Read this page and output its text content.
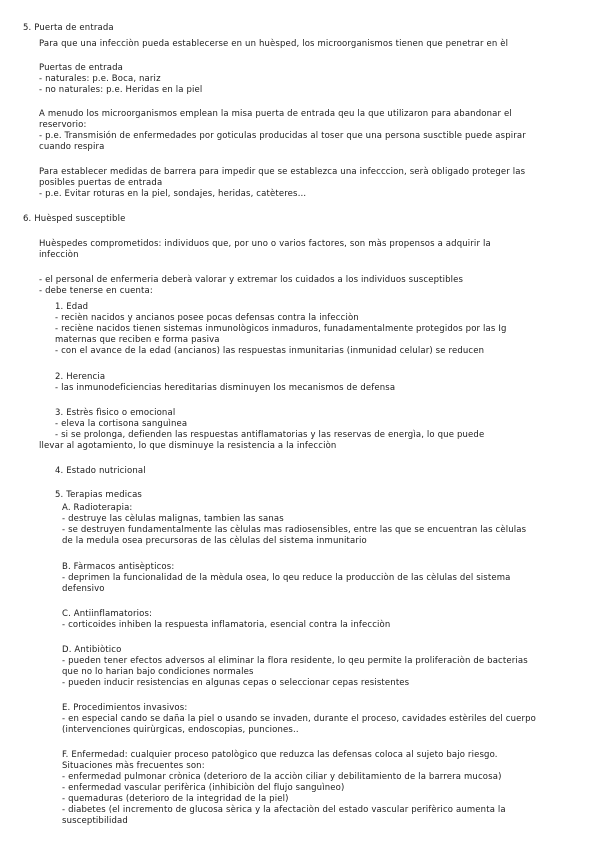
5. Puerta de entrada
Para que una infecciòn pueda establecerse en un huèsped, los microorganismos tienen que penetrar en èl
Puertas de entrada
- naturales: p.e. Boca, nariz
- no naturales: p.e. Heridas en la piel
A menudo los microorganismos emplean la misa puerta de entrada qeu la que utilizaron para abandonar el
reservorio:
- p.e. Transmisión de enfermedades por goticulas producidas al toser que una persona susctible puede aspirar
cuando respira
Para establecer medidas de barrera para impedir que se establezca una infecccion, serà obligado proteger las
posibles puertas de entrada
- p.e. Evitar roturas en la piel, sondajes, heridas, catèteres…
6. Huèsped susceptible
Huèspedes comprometidos: individuos que, por uno o varios factores, son màs propensos a adquirir la
infecciòn
- el personal de enfermeria deberà valorar y extremar los cuidados a los individuos susceptibles
- debe tenerse en cuenta:
1. Edad
- recièn nacidos y ancianos posee pocas defensas contra la infecciòn
- reciène nacidos tienen sistemas inmunològicos inmaduros, funadamentalmente protegidos por las Ig
maternas que reciben e forma pasiva
- con el avance de la edad (ancianos) las respuestas inmunitarias (inmunidad celular) se reducen
2. Herencia
- las inmunodeficiencias hereditarias disminuyen los mecanismos de defensa
3. Estrès fìsico o emocional
- eleva la cortisona sanguìnea
- si se prolonga, defienden las respuestas antiflamatorias y las reservas de energìa, lo que puede
llevar al agotamiento, lo que disminuye la resistencia a la infecciòn
4. Estado nutricional
5. Terapias medicas
A. Radioterapia:
- destruye las cèlulas malignas, tambien las sanas
- se destruyen fundamentalmente las cèlulas mas radiosensibles, entre las que se encuentran las cèlulas
de la medula osea precursoras de las cèlulas del sistema inmunitario
B. Fàrmacos antisèpticos:
- deprimen la funcionalidad de la mèdula osea, lo qeu reduce la producciòn de las cèlulas del sistema
defensivo
C. Antiinflamatorios:
- corticoides inhiben la respuesta inflamatoria, esencial contra la infecciòn
D. Antibiòtico
- pueden tener efectos adversos al eliminar la flora residente, lo qeu permite la proliferaciòn de bacterias
que no lo harian bajo condiciones normales
- pueden inducir resistencias en algunas cepas o seleccionar cepas resistentes
E. Procedimientos invasivos:
- en especial cando se daña la piel o usando se invaden, durante el proceso, cavidades estèriles del cuerpo
(intervenciones quirùrgicas, endoscopias, punciones..
F. Enfermedad: cualquier proceso patològico que reduzca las defensas coloca al sujeto bajo riesgo.
Situaciones màs frecuentes son:
- enfermedad pulmonar crònica (deterioro de la acciòn ciliar y debilitamiento de la barrera mucosa)
- enfermedad vascular perifèrica (inhibiciòn del flujo sanguìneo)
- quemaduras (deterioro de la integridad de la piel)
- diabetes (el incremento de glucosa sèrica y la afectaciòn del estado vascular perifèrico aumenta la
susceptibilidad
